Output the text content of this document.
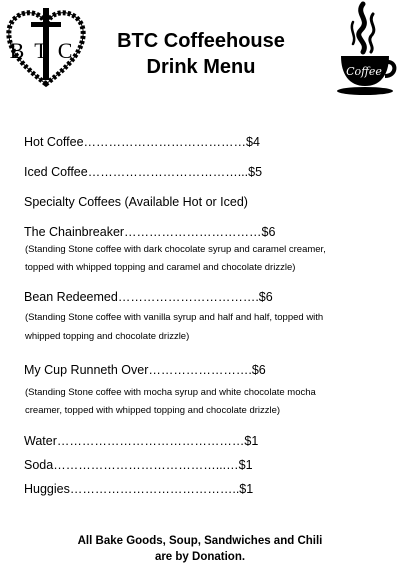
BTC
Coffee
BTC Coffeehouse
Drink Menu
Hot Coffee…………………………………$4
Iced Coffee………………………………...$5
Specialty Coffees (Available Hot or Iced)
The Chainbreaker……………………………$6
(Standing Stone coffee with dark chocolate syrup and caramel creamer,
topped with whipped topping and caramel and chocolate drizzle)
Bean Redeemed…………………………….$6
(Standing Stone coffee with vanilla syrup and half and half, topped with
whipped topping and chocolate drizzle)
My Cup Runneth Over…………………….$6
(Standing Stone coffee with mocha syrup and white chocolate mocha
creamer, topped with whipped topping and chocolate drizzle)
Water………………………………………$1
Soda…………………………………...…$1
Huggies…………………………………..$1
All Bake Goods, Soup, Sandwiches and Chili
are by Donation.
